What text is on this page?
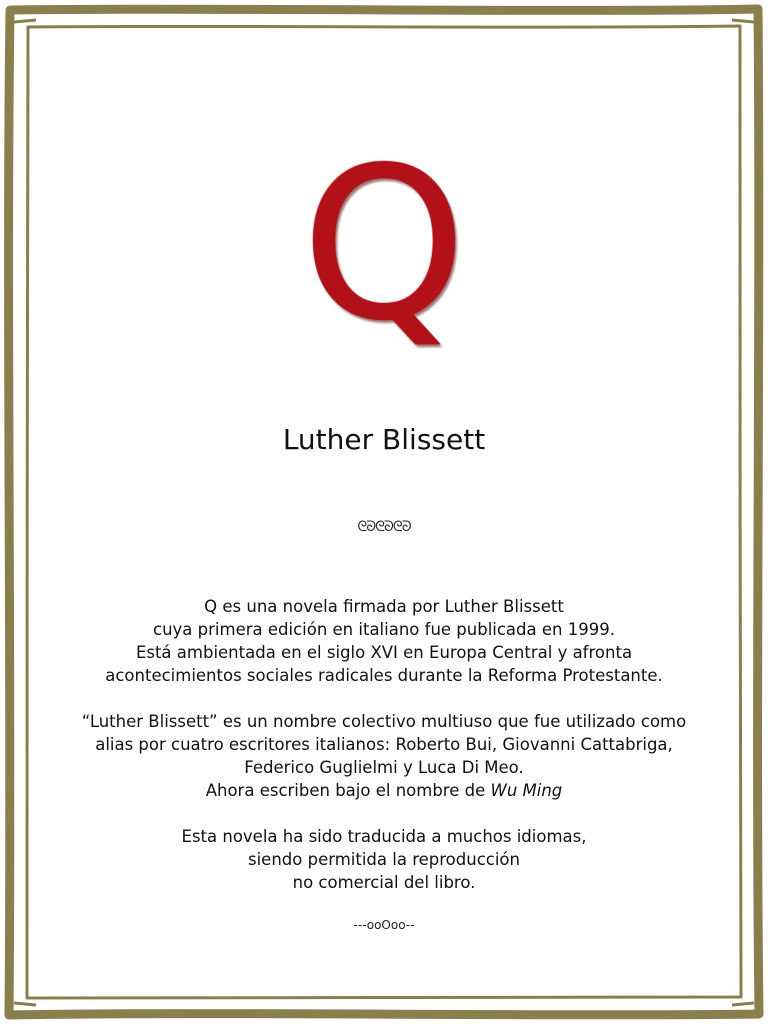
Q
Luther Blissett
ᘓᘐᘓᘐᘓᘐ

Q es una novela firmada por Luther Blissett
cuya primera edición en italiano fue publicada en 1999.
Está ambientada en el siglo XVI en Europa Central y afronta
acontecimientos sociales radicales durante la Reforma Protestante.

“Luther Blissett” es un nombre colectivo multiuso que fue utilizado como
alias por cuatro escritores italianos: Roberto Bui, Giovanni Cattabriga,
Federico Guglielmi y Luca Di Meo.
Ahora escriben bajo el nombre de Wu Ming

Esta novela ha sido traducida a muchos idiomas,
siendo permitida la reproducción
no comercial del libro.

---ooOoo--
